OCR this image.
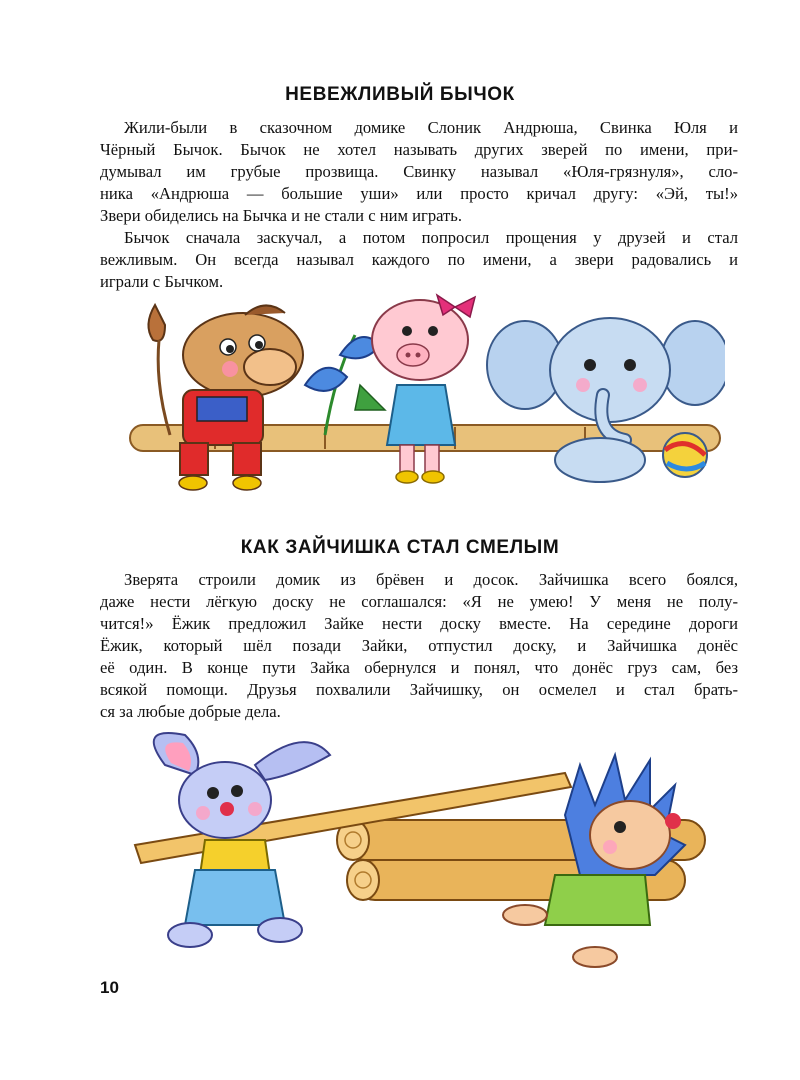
НЕВЕЖЛИВЫЙ БЫЧОК
Жили-были в сказочном домике Слоник Андрюша, Свинка Юля и
Чёрный Бычок. Бычок не хотел называть других зверей по имени, при-
думывал им грубые прозвища. Свинку называл «Юля-грязнуля», сло-
ника «Андрюша — большие уши» или просто кричал другу: «Эй, ты!»
Звери обиделись на Бычка и не стали с ним играть.
Бычок сначала заскучал, а потом попросил прощения у друзей и стал
вежливым. Он всегда называл каждого по имени, а звери радовались и
играли с Бычком.
КАК ЗАЙЧИШКА СТАЛ СМЕЛЫМ
Зверята строили домик из брёвен и досок. Зайчишка всего боялся,
даже нести лёгкую доску не соглашался: «Я не умею! У меня не полу-
чится!» Ёжик предложил Зайке нести доску вместе. На середине дороги
Ёжик, который шёл позади Зайки, отпустил доску, и Зайчишка донёс
её один. В конце пути Зайка обернулся и понял, что донёс груз сам, без
всякой помощи. Друзья похвалили Зайчишку, он осмелел и стал брать-
ся за любые добрые дела.
10
